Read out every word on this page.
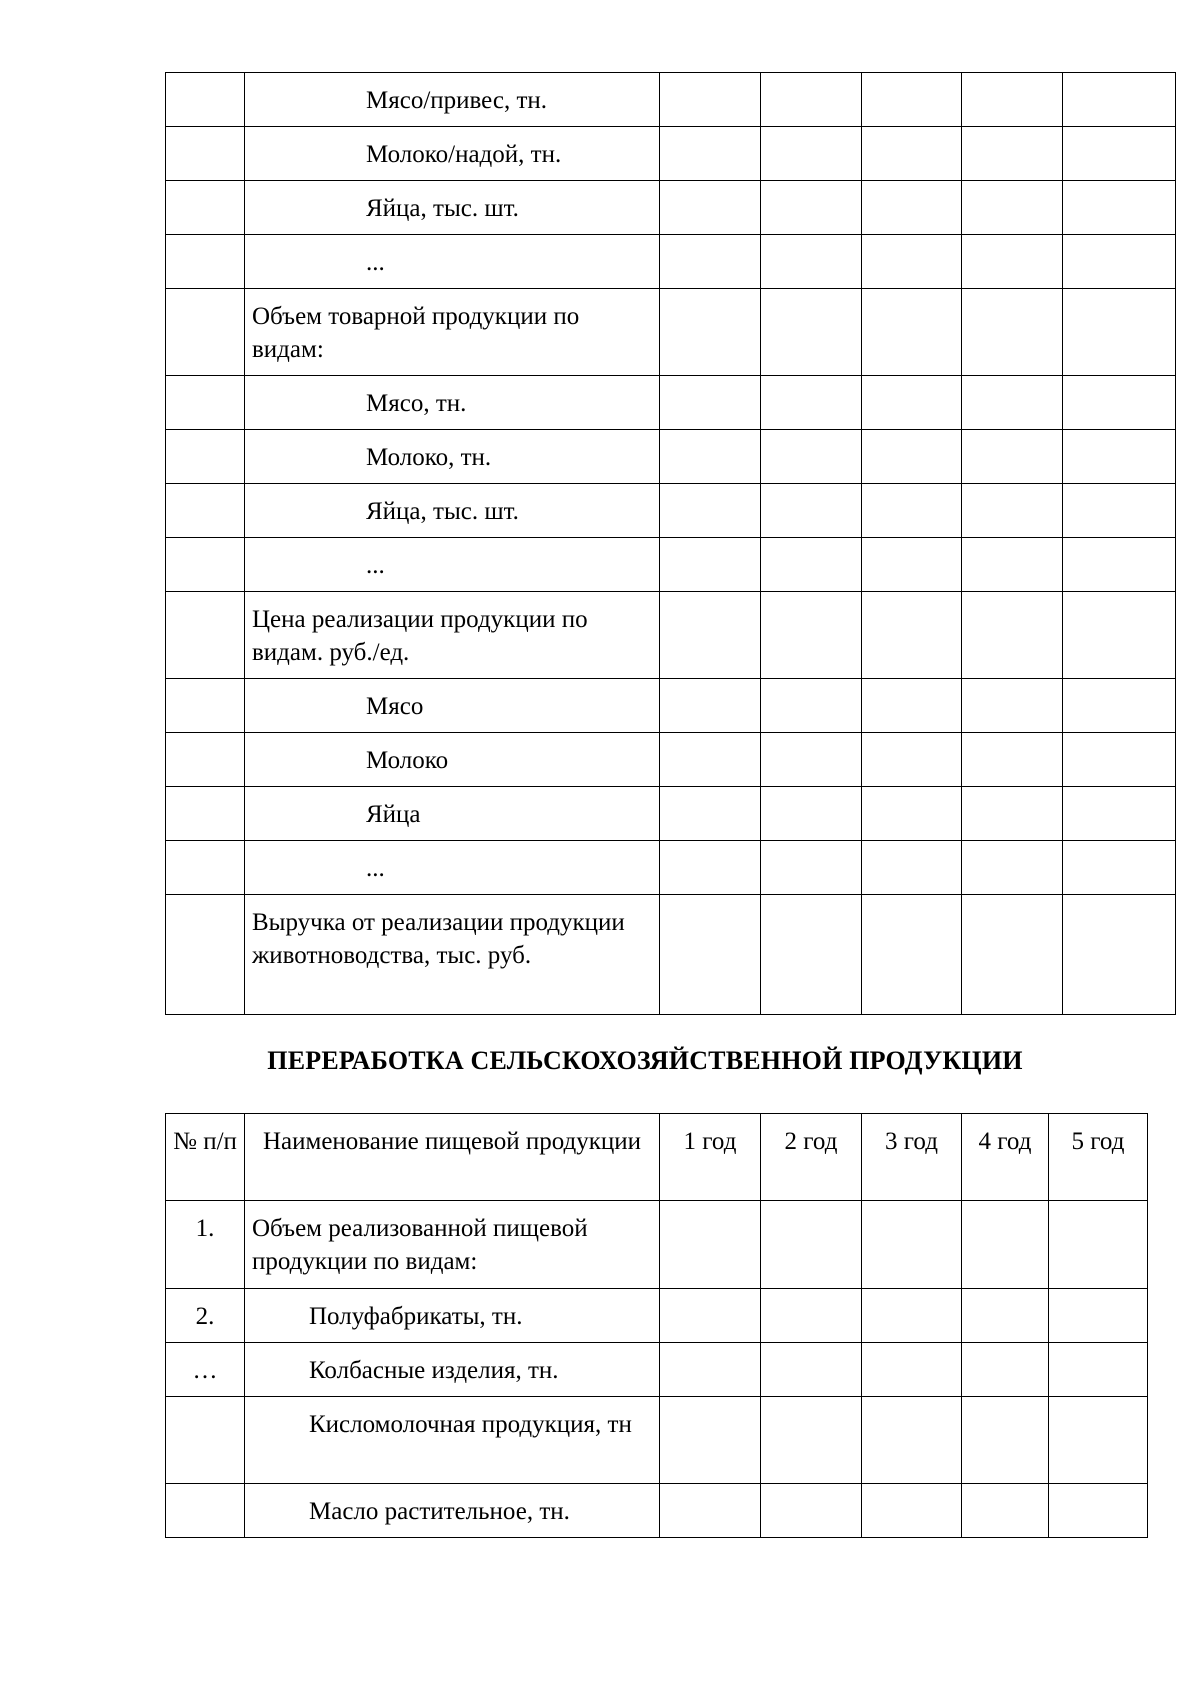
	Мясо/привес, тн.					
	Молоко/надой, тн.					
	Яйца, тыс. шт.					
	...					
	Объем товарной продукции по видам:					
	Мясо, тн.					
	Молоко, тн.					
	Яйца, тыс. шт.					
	...					
	Цена реализации продукции по видам. руб./ед.					
	Мясо					
	Молоко					
	Яйца					
	...					
	Выручка от реализации продукции животноводства, тыс. руб.					
ПЕРЕРАБОТКА СЕЛЬСКОХОЗЯЙСТВЕННОЙ ПРОДУКЦИИ
№ п/п	Наименование пищевой продукции	1 год	2 год	3 год	4 год	5 год
1.	Объем реализованной пищевой продукции по видам:					
2.	Полуфабрикаты, тн.					
…	Колбасные изделия, тн.					
	Кисломолочная продукция, тн					
	Масло растительное, тн.					
